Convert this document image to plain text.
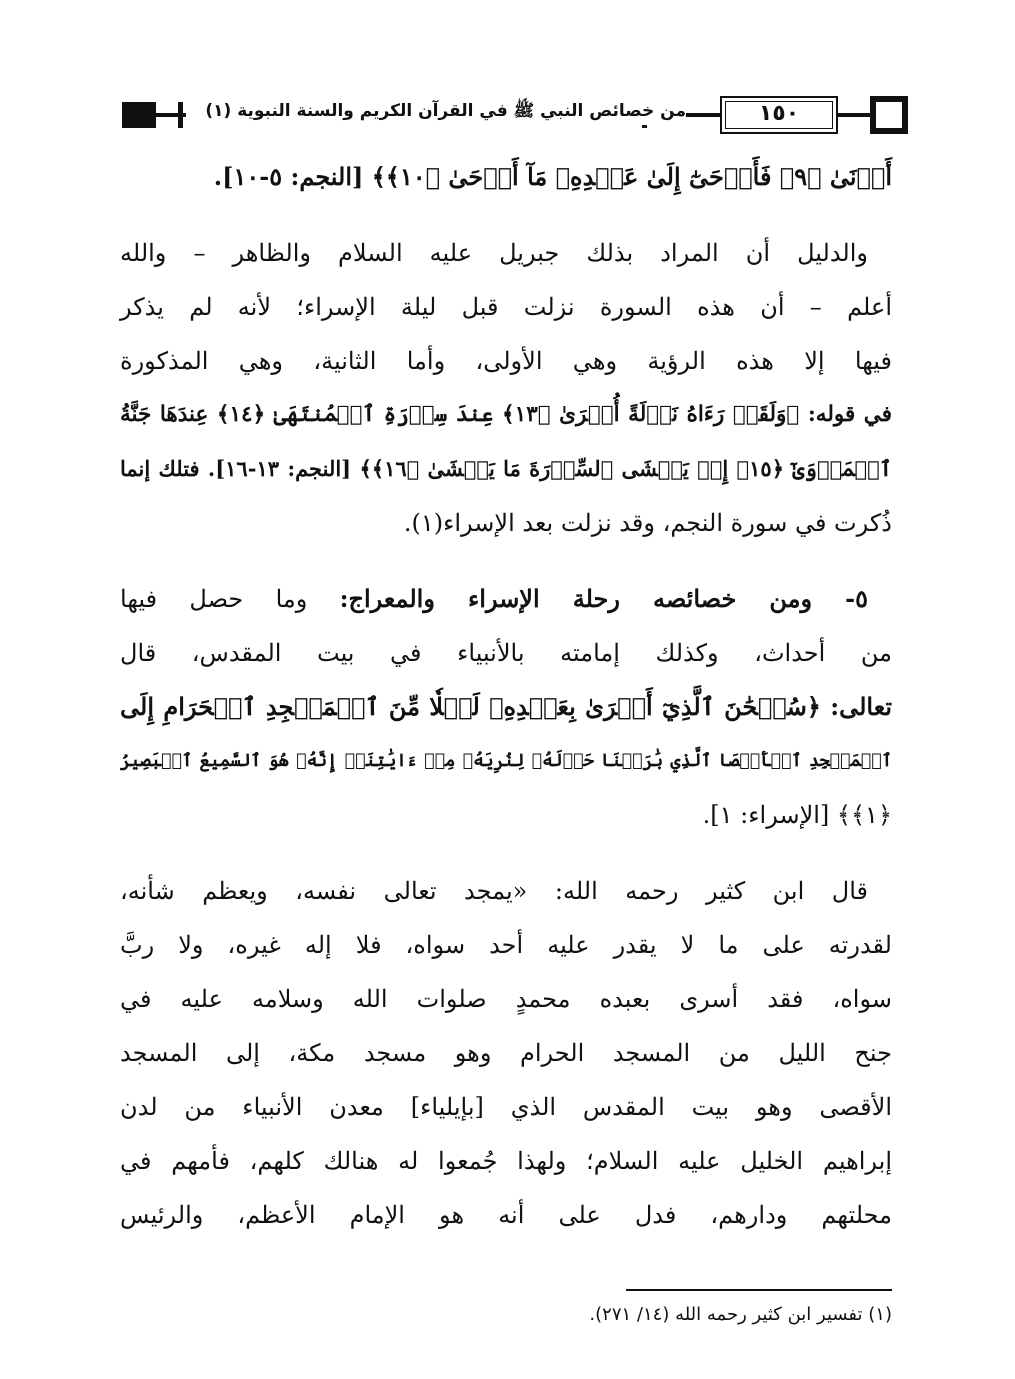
من خصائص النبي ﷺ في القرآن الكريم والسنة النبوية (١)	١٥٠
أَدۡنَىٰ ﴿٩﴾ فَأَوۡحَىٰٓ إِلَىٰ عَبۡدِهِۦ مَآ أَوۡحَىٰ ﴿١٠﴾﴾ [النجم: ٥-١٠].
والدليل أن المراد بذلك جبريل عليه السلام والظاهر – والله
أعلم – أن هذه السورة نزلت قبل ليلة الإسراء؛ لأنه لم يذكر
فيها إلا هذه الرؤية وهي الأولى، وأما الثانية، وهي المذكورة
في قوله: ﴿وَلَقَدۡ رَءَاهُ نَزۡلَةً أُخۡرَىٰ ﴿١٣﴾ عِندَ سِدۡرَةِ ٱلۡمُنتَهَىٰ ﴿١٤﴾ عِندَهَا جَنَّةُ
ٱلۡمَأۡوَىٰٓ ﴿١٥﴾ إِذۡ يَغۡشَى ٱلسِّدۡرَةَ مَا يَغۡشَىٰ ﴿١٦﴾﴾ [النجم: ١٣-١٦]. فتلك إنما
ذُكرت في سورة النجم، وقد نزلت بعد الإسراء(١).
٥- ومن خصائصه رحلة الإسراء والمعراج: وما حصل فيها
من أحداث، وكذلك إمامته بالأنبياء في بيت المقدس، قال
تعالى: ﴿سُبۡحَٰنَ ٱلَّذِيٓ أَسۡرَىٰ بِعَبۡدِهِۦ لَيۡلٗا مِّنَ ٱلۡمَسۡجِدِ ٱلۡحَرَامِ إِلَى
ٱلۡمَسۡجِدِ ٱلۡأَقۡصَا ٱلَّذِي بَٰرَكۡنَا حَوۡلَهُۥ لِنُرِيَهُۥ مِنۡ ءَايَٰتِنَآۚ إِنَّهُۥ هُوَ ٱلسَّمِيعُ ٱلۡبَصِيرُ
﴿١﴾﴾ [الإسراء: ١].
قال ابن كثير رحمه الله: «يمجد تعالى نفسه، ويعظم شأنه،
لقدرته على ما لا يقدر عليه أحد سواه، فلا إله غيره، ولا ربَّ
سواه، فقد أسرى بعبده محمدٍ صلوات الله وسلامه عليه في
جنح الليل من المسجد الحرام وهو مسجد مكة، إلى المسجد
الأقصى وهو بيت المقدس الذي [بإيلياء] معدن الأنبياء من لدن
إبراهيم الخليل عليه السلام؛ ولهذا جُمعوا له هنالك كلهم، فأمهم في
محلتهم ودارهم، فدل على أنه هو الإمام الأعظم، والرئيس
(١) تفسير ابن كثير رحمه الله (١٤/ ٢٧١).
